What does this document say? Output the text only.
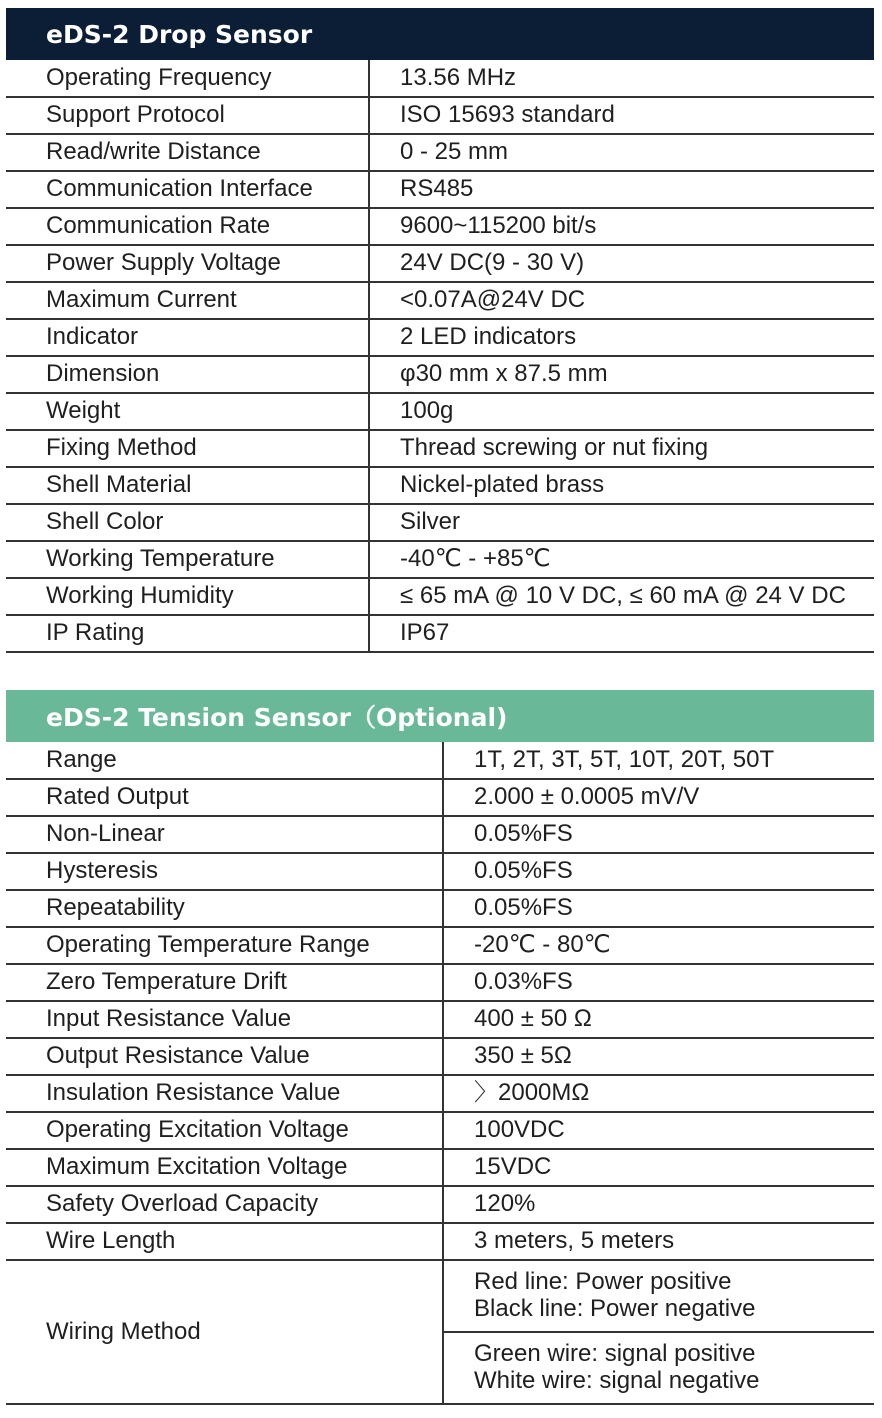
eDS-2 Drop Sensor
Operating Frequency	13.56 MHz
Support Protocol	ISO 15693 standard
Read/write Distance	0 - 25 mm
Communication Interface	RS485
Communication Rate	9600~115200 bit/s
Power Supply Voltage	24V DC(9 - 30 V)
Maximum Current	<0.07A@24V DC
Indicator	2 LED indicators
Dimension	φ30 mm x 87.5 mm
Weight	100g
Fixing Method	Thread screwing or nut fixing
Shell Material	Nickel-plated brass
Shell Color	Silver
Working Temperature	-40℃ - +85℃
Working Humidity	≤ 65 mA @ 10 V DC, ≤ 60 mA @ 24 V DC
IP Rating	IP67
eDS-2 Tension Sensor（Optional)
Range	1T, 2T, 3T, 5T, 10T, 20T, 50T
Rated Output	2.000 ± 0.0005 mV/V
Non-Linear	0.05%FS
Hysteresis	0.05%FS
Repeatability	0.05%FS
Operating Temperature Range	-20℃ - 80℃
Zero Temperature Drift	0.03%FS
Input Resistance Value	400 ± 50 Ω
Output Resistance Value	350 ± 5Ω
Insulation Resistance Value	〉2000MΩ
Operating Excitation Voltage	100VDC
Maximum Excitation Voltage	15VDC
Safety Overload Capacity	120%
Wire Length	3 meters, 5 meters
Wiring Method	Red line: Power positive
Black line: Power negative

	Green wire: signal positive
White wire: signal negative
